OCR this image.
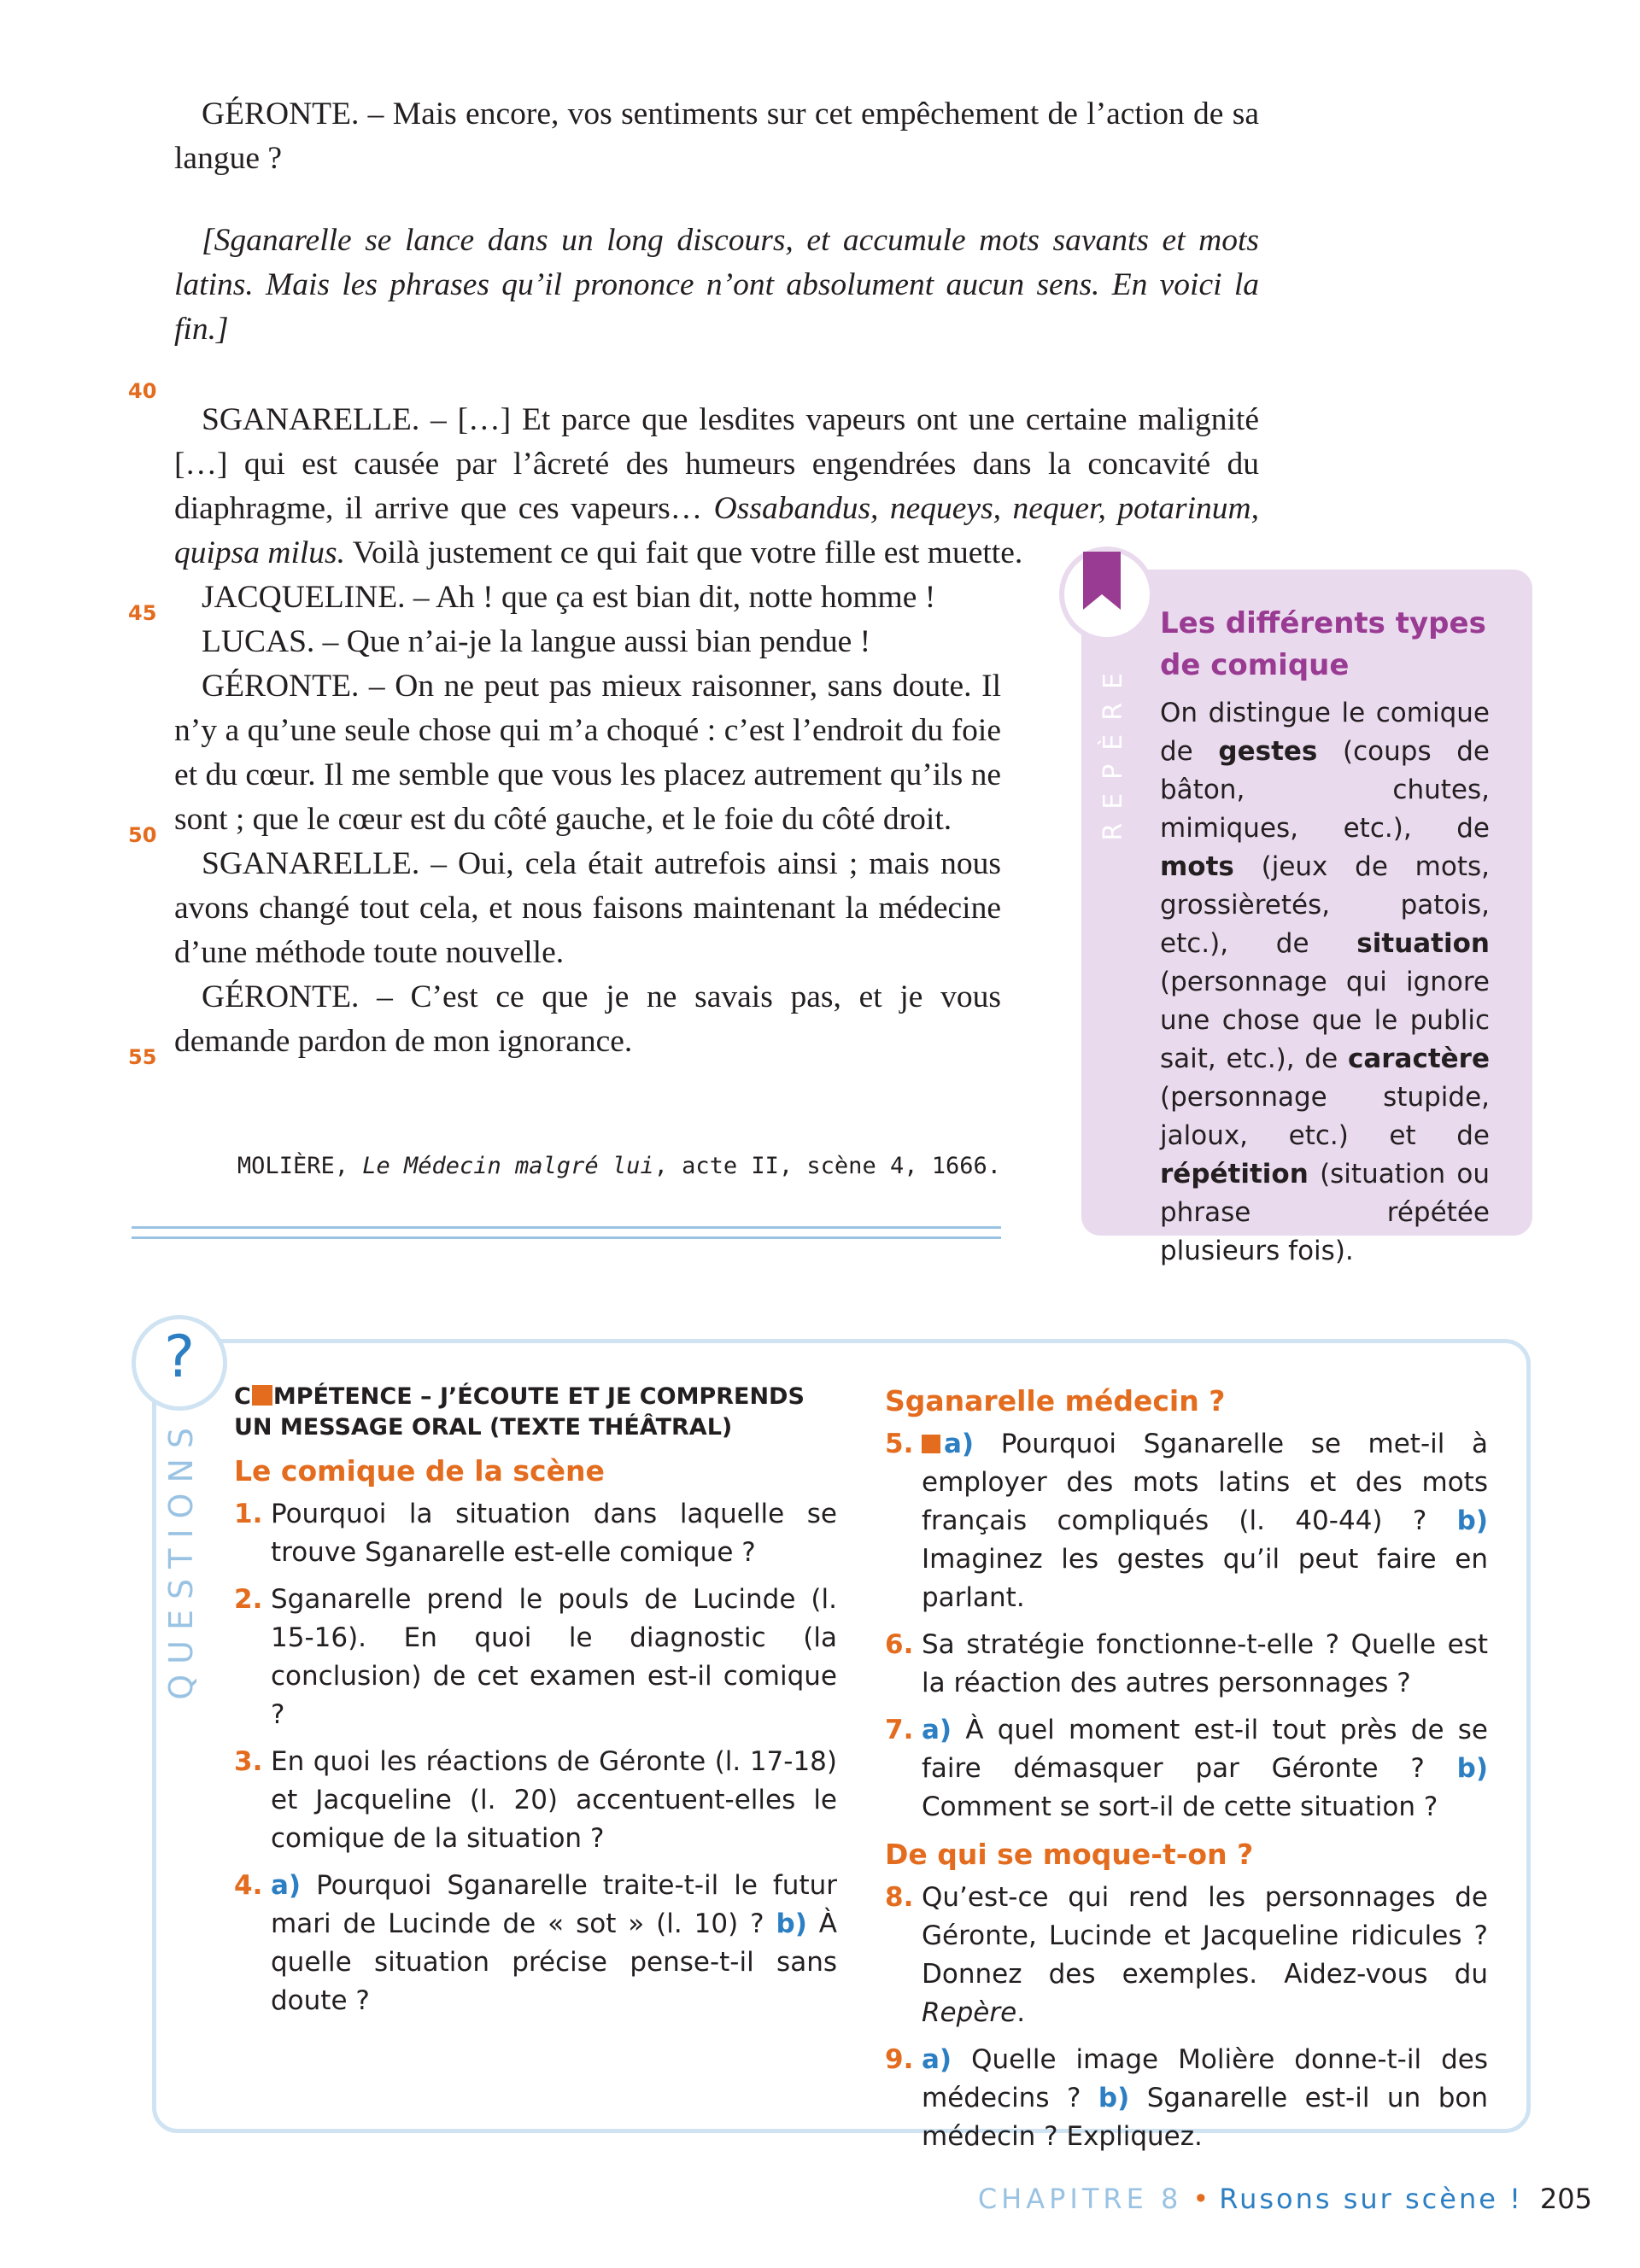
GÉRONTE. – Mais encore, vos sentiments sur cet empêchement de l’action de sa langue ?

[Sganarelle se lance dans un long discours, et accumule mots savants et mots latins. Mais les phrases qu’il prononce n’ont absolument aucun sens. En voici la fin.]

SGANARELLE. – […] Et parce que lesdites vapeurs ont une certaine malignité […] qui est causée par l’âcreté des humeurs engendrées dans la concavité du diaphragme, il arrive que ces vapeurs… Ossabandus, nequeys, nequer, potarinum, quipsa milus. Voilà justement ce qui fait que votre fille est muette.

JACQUELINE. – Ah ! que ça est bian dit, notte homme !

LUCAS. – Que n’ai-je la langue aussi bian pendue !

GÉRONTE. – On ne peut pas mieux raisonner, sans doute. Il n’y a qu’une seule chose qui m’a choqué : c’est l’endroit du foie et du cœur. Il me semble que vous les placez autrement qu’ils ne sont ; que le cœur est du côté gauche, et le foie du côté droit.

SGANARELLE. – Oui, cela était autrefois ainsi ; mais nous avons changé tout cela, et nous faisons maintenant la médecine d’une méthode toute nouvelle.

GÉRONTE. – C’est ce que je ne savais pas, et je vous demande pardon de mon ignorance.

40
45
50
55
MOLIÈRE, Le Médecin malgré lui, acte II, scène 4, 1666.
REPÈRE
Les différents types de comique
On distingue le comique de gestes (coups de bâton, chutes, mimiques, etc.), de mots (jeux de mots, grossièretés, patois, etc.), de situation (personnage qui ignore une chose que le public sait, etc.), de caractère (personnage stupide, jaloux, etc.) et de répétition (situation ou phrase répétée plusieurs fois).
?
QUESTIONS

C MPÉTENCE – J’ÉCOUTE ET JE COMPRENDS UN MESSAGE ORAL (TEXTE THÉÂTRAL)

Le comique de la scène

1. Pourquoi la situation dans laquelle se trouve Sganarelle est-elle comique ?
2. Sganarelle prend le pouls de Lucinde (l. 15-16). En quoi le diagnostic (la conclusion) de cet examen est-il comique ?
3. En quoi les réactions de Géronte (l. 17-18) et Jacqueline (l. 20) accentuent-elles le comique de la situation ?
4. a) Pourquoi Sganarelle traite-t-il le futur mari de Lucinde de « sot » (l. 10) ? b) À quelle situation précise pense-t-il sans doute ?

Sganarelle médecin ?

5.	a) Pourquoi Sganarelle se met-il à employer des mots latins et des mots français compliqués (l. 40-44) ? b) Imaginez les gestes qu’il peut faire en parlant.
6. Sa stratégie fonctionne-t-elle ? Quelle est la réaction des autres personnages ?
7. a) À quel moment est-il tout près de se faire démasquer par Géronte ? b) Comment se sort-il de cette situation ?

De qui se moque-t-on ?

8. Qu’est-ce qui rend les personnages de Géronte, Lucinde et Jacqueline ridicules ? Donnez des exemples. Aidez-vous du Repère.
9. a) Quelle image Molière donne-t-il des médecins ? b) Sganarelle est-il un bon médecin ? Expliquez.
CHAPITRE 8 • Rusons sur scène ! 205
